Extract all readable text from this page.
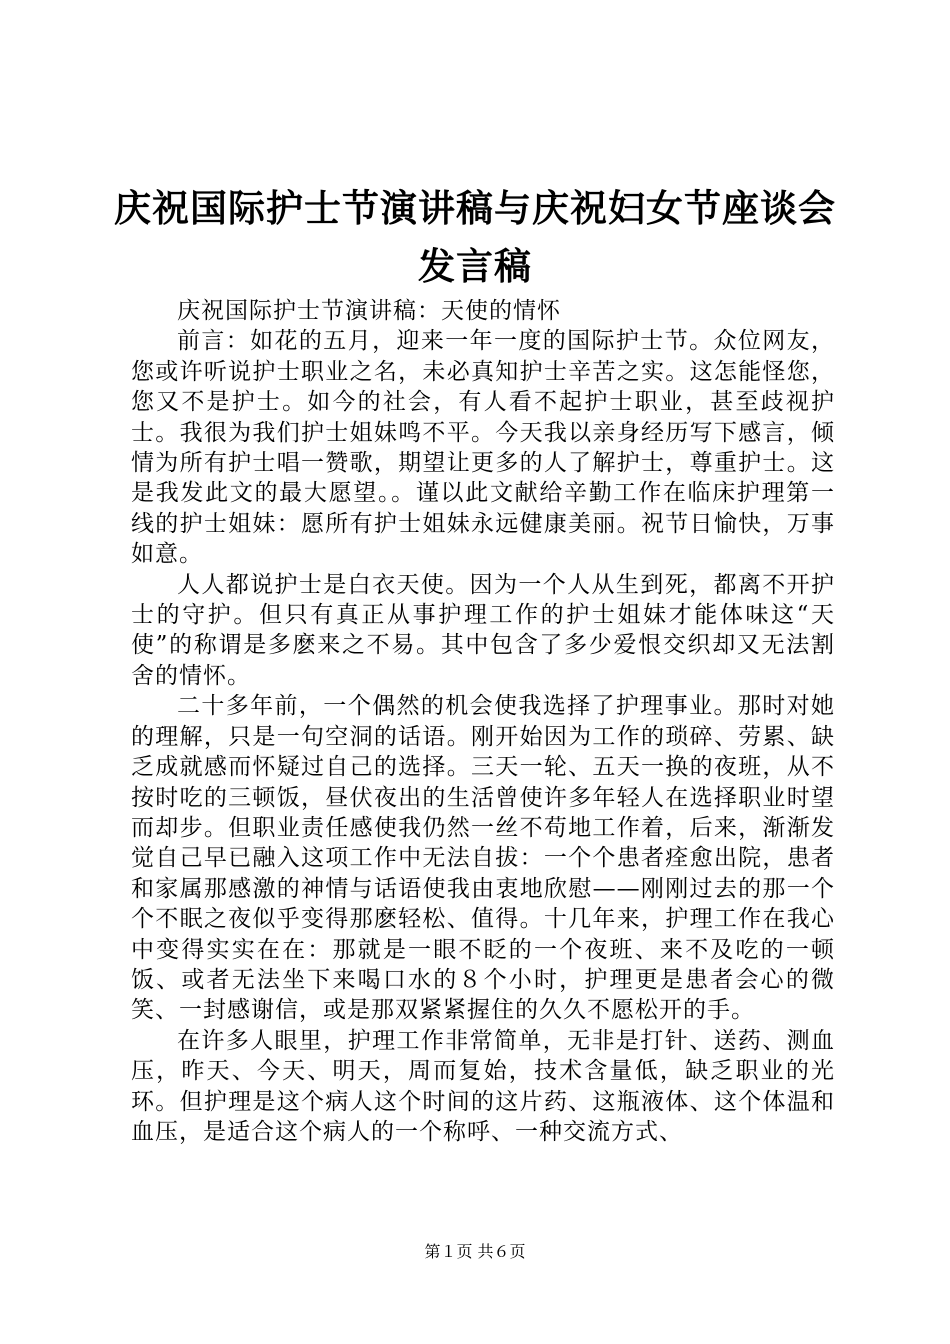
庆祝国际护士节演讲稿与庆祝妇女节座谈会发言稿

庆祝国际护士节演讲稿：天使的情怀

前言：如花的五月，迎来一年一度的国际护士节。众位网友，您或许听说护士职业之名，未必真知护士辛苦之实。这怎能怪您，您又不是护士。如今的社会，有人看不起护士职业，甚至歧视护士。我很为我们护士姐妹鸣不平。今天我以亲身经历写下感言，倾情为所有护士唱一赞歌，期望让更多的人了解护士，尊重护士。这是我发此文的最大愿望。。谨以此文献给辛勤工作在临床护理第一线的护士姐妹：愿所有护士姐妹永远健康美丽。祝节日愉快，万事如意。

人人都说护士是白衣天使。因为一个人从生到死，都离不开护士的守护。但只有真正从事护理工作的护士姐妹才能体味这“天使”的称谓是多麽来之不易。其中包含了多少爱恨交织却又无法割舍的情怀。

二十多年前，一个偶然的机会使我选择了护理事业。那时对她的理解，只是一句空洞的话语。刚开始因为工作的琐碎、劳累、缺乏成就感而怀疑过自己的选择。三天一轮、五天一换的夜班，从不按时吃的三顿饭，昼伏夜出的生活曾使许多年轻人在选择职业时望而却步。但职业责任感使我仍然一丝不苟地工作着，后来，渐渐发觉自己早已融入这项工作中无法自拔：一个个患者痊愈出院，患者和家属那感激的神情与话语使我由衷地欣慰——刚刚过去的那一个个不眠之夜似乎变得那麽轻松、值得。十几年来，护理工作在我心中变得实实在在：那就是一眼不眨的一个夜班、来不及吃的一顿饭、或者无法坐下来喝口水的８个小时，护理更是患者会心的微笑、一封感谢信，或是那双紧紧握住的久久不愿松开的手。

在许多人眼里，护理工作非常简单，无非是打针、送药、测血压，昨天、今天、明天，周而复始，技术含量低，缺乏职业的光环。但护理是这个病人这个时间的这片药、这瓶液体、这个体温和血压，是适合这个病人的一个称呼、一种交流方式、

第１页 共６页
